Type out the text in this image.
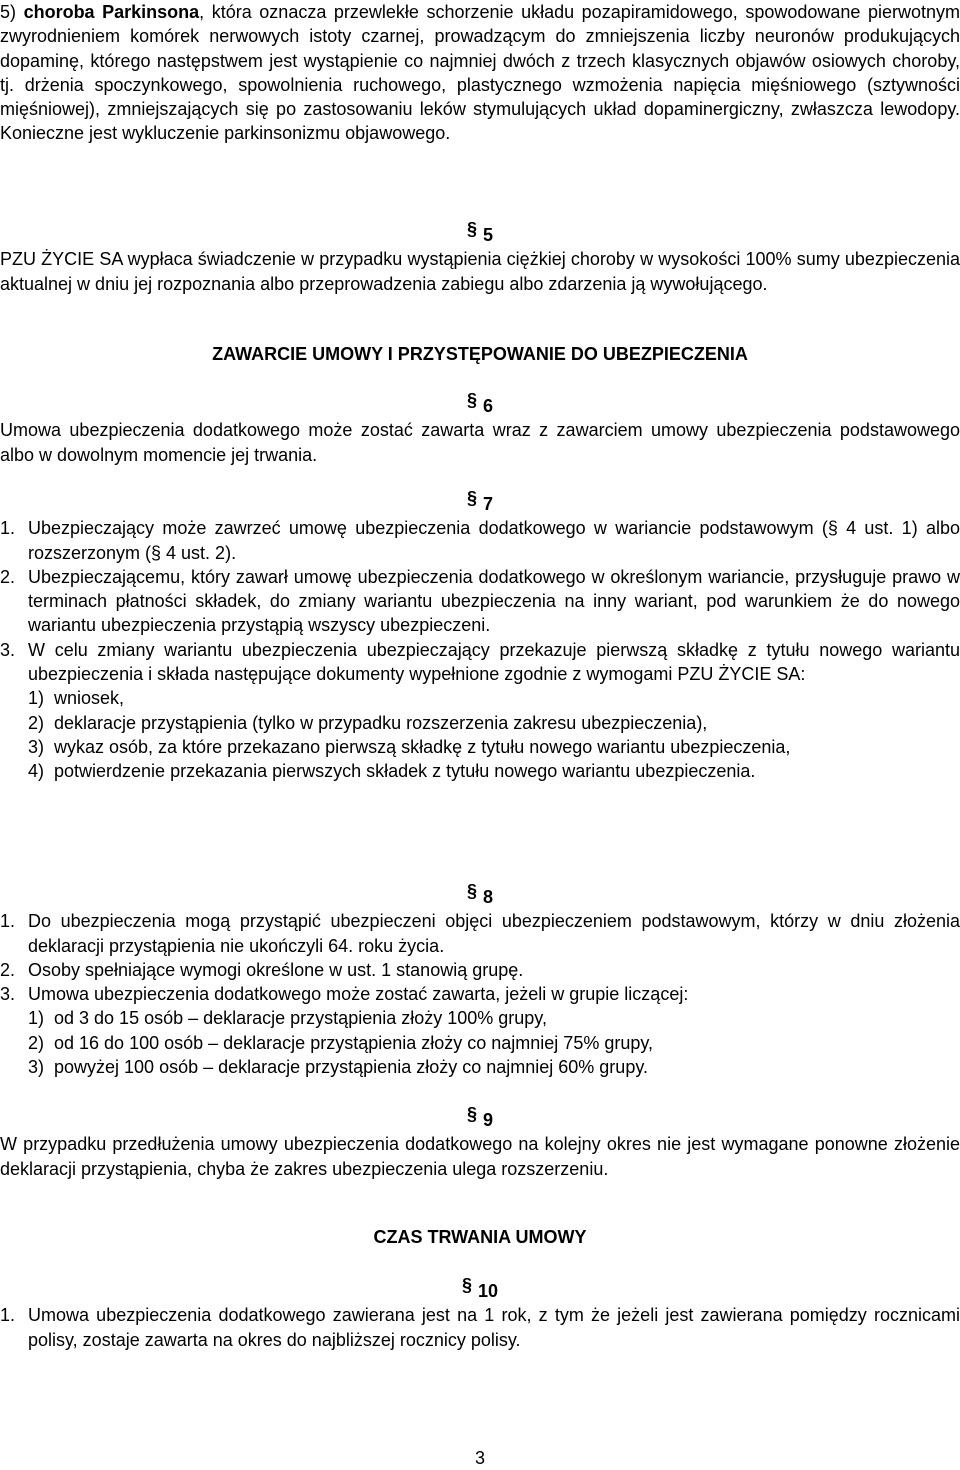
5) choroba Parkinsona, która oznacza przewlekłe schorzenie układu pozapiramidowego, spowodowane pierwotnym zwyrodnieniem komórek nerwowych istoty czarnej, prowadzącym do zmniejszenia liczby neuronów produkujących dopaminę, którego następstwem jest wystąpienie co najmniej dwóch z trzech klasycznych objawów osiowych choroby, tj. drżenia spoczynkowego, spowolnienia ruchowego, plastycznego wzmożenia napięcia mięśniowego (sztywności mięśniowej), zmniejszających się po zastosowaniu leków stymulujących układ dopaminergiczny, zwłaszcza lewodopy. Konieczne jest wykluczenie parkinsonizmu objawowego.

§ 5

PZU ŻYCIE SA wypłaca świadczenie w przypadku wystąpienia ciężkiej choroby w wysokości 100% sumy ubezpieczenia aktualnej w dniu jej rozpoznania albo przeprowadzenia zabiegu albo zdarzenia ją wywołującego.

ZAWARCIE UMOWY I PRZYSTĘPOWANIE DO UBEZPIECZENIA
§ 6

Umowa ubezpieczenia dodatkowego może zostać zawarta wraz z zawarciem umowy ubezpieczenia podstawowego albo w dowolnym momencie jej trwania.

§ 7
1. Ubezpieczający może zawrzeć umowę ubezpieczenia dodatkowego w wariancie podstawowym (§ 4 ust. 1) albo rozszerzonym (§ 4 ust. 2).
2. Ubezpieczającemu, który zawarł umowę ubezpieczenia dodatkowego w określonym wariancie, przysługuje prawo w terminach płatności składek, do zmiany wariantu ubezpieczenia na inny wariant, pod warunkiem że do nowego wariantu ubezpieczenia przystąpią wszyscy ubezpieczeni.
3. W celu zmiany wariantu ubezpieczenia ubezpieczający przekazuje pierwszą składkę z tytułu nowego wariantu ubezpieczenia i składa następujące dokumenty wypełnione zgodnie z wymogami PZU ŻYCIE SA:
1) wniosek,
2) deklaracje przystąpienia (tylko w przypadku rozszerzenia zakresu ubezpieczenia),
3) wykaz osób, za które przekazano pierwszą składkę z tytułu nowego wariantu ubezpieczenia,
4) potwierdzenie przekazania pierwszych składek z tytułu nowego wariantu ubezpieczenia.
§ 8
1. Do ubezpieczenia mogą przystąpić ubezpieczeni objęci ubezpieczeniem podstawowym, którzy w dniu złożenia deklaracji przystąpienia nie ukończyli 64. roku życia.
2. Osoby spełniające wymogi określone w ust. 1 stanowią grupę.
3. Umowa ubezpieczenia dodatkowego może zostać zawarta, jeżeli w grupie liczącej:
1) od 3 do 15 osób – deklaracje przystąpienia złoży 100% grupy,
2) od 16 do 100 osób – deklaracje przystąpienia złoży co najmniej 75% grupy,
3) powyżej 100 osób – deklaracje przystąpienia złoży co najmniej 60% grupy.
§ 9

W przypadku przedłużenia umowy ubezpieczenia dodatkowego na kolejny okres nie jest wymagane ponowne złożenie deklaracji przystąpienia, chyba że zakres ubezpieczenia ulega rozszerzeniu.

CZAS TRWANIA UMOWY
§ 10
1. Umowa ubezpieczenia dodatkowego zawierana jest na 1 rok, z tym że jeżeli jest zawierana pomiędzy rocznicami polisy, zostaje zawarta na okres do najbliższej rocznicy polisy.
3
